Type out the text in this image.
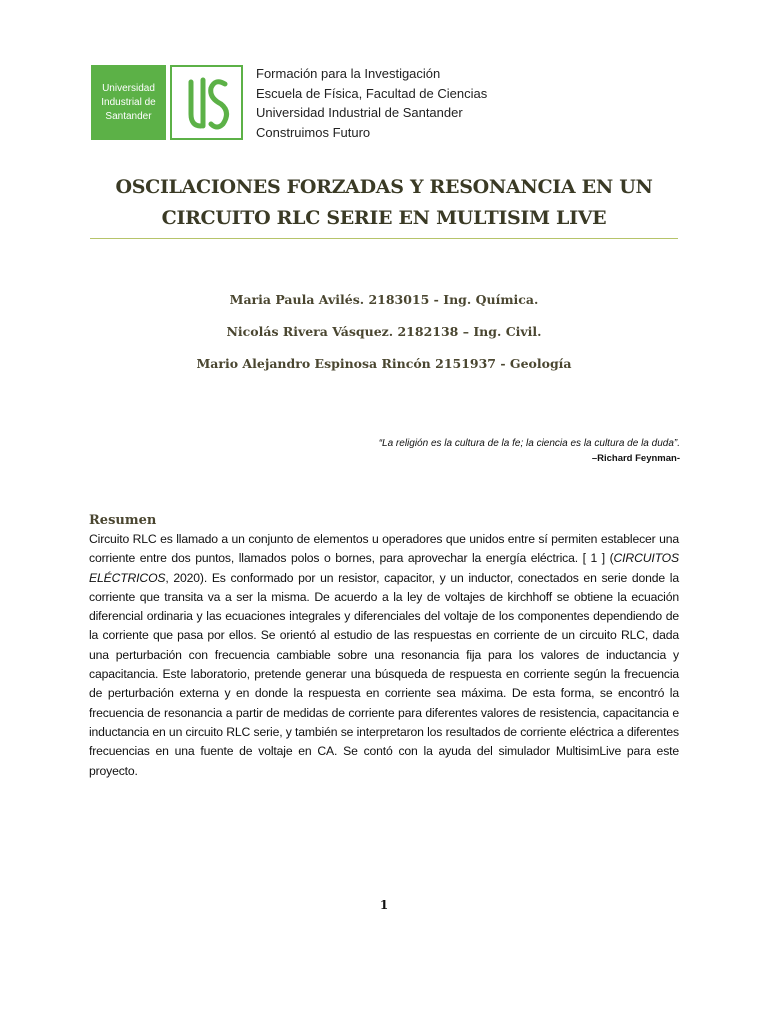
Universidad
Industrial de
Santander
Formación para la Investigación
Escuela de Física, Facultad de Ciencias
Universidad Industrial de Santander
Construimos Futuro
OSCILACIONES FORZADAS Y RESONANCIA EN UN
CIRCUITO RLC SERIE EN MULTISIM LIVE
Maria Paula Avilés. 2183015 - Ing. Química.
Nicolás Rivera Vásquez. 2182138 – Ing. Civil.
Mario Alejandro Espinosa Rincón 2151937 - Geología
“La religión es la cultura de la fe; la ciencia es la cultura de la duda”.
–Richard Feynman-
Resumen
Circuito RLC es llamado a un conjunto de elementos u operadores que unidos entre sí permiten establecer una corriente entre dos puntos, llamados polos o bornes, para aprovechar la energía eléctrica. [ 1 ] (CIRCUITOS ELÉCTRICOS, 2020). Es conformado por un resistor, capacitor, y un inductor, conectados en serie donde la corriente que transita va a ser la misma. De acuerdo a la ley de voltajes de kirchhoff se obtiene la ecuación diferencial ordinaria y las ecuaciones integrales y diferenciales del voltaje de los componentes dependiendo de la corriente que pasa por ellos. Se orientó al estudio de las respuestas en corriente de un circuito RLC, dada una perturbación con frecuencia cambiable sobre una resonancia fija para los valores de inductancia y capacitancia. Este laboratorio, pretende generar una búsqueda de respuesta en corriente según la frecuencia de perturbación externa y en donde la respuesta en corriente sea máxima. De esta forma, se encontró la frecuencia de resonancia a partir de medidas de corriente para diferentes valores de resistencia, capacitancia e inductancia en un circuito RLC serie, y también se interpretaron los resultados de corriente eléctrica a diferentes frecuencias en una fuente de voltaje en CA. Se contó con la ayuda del simulador MultisimLive para este proyecto.
1
